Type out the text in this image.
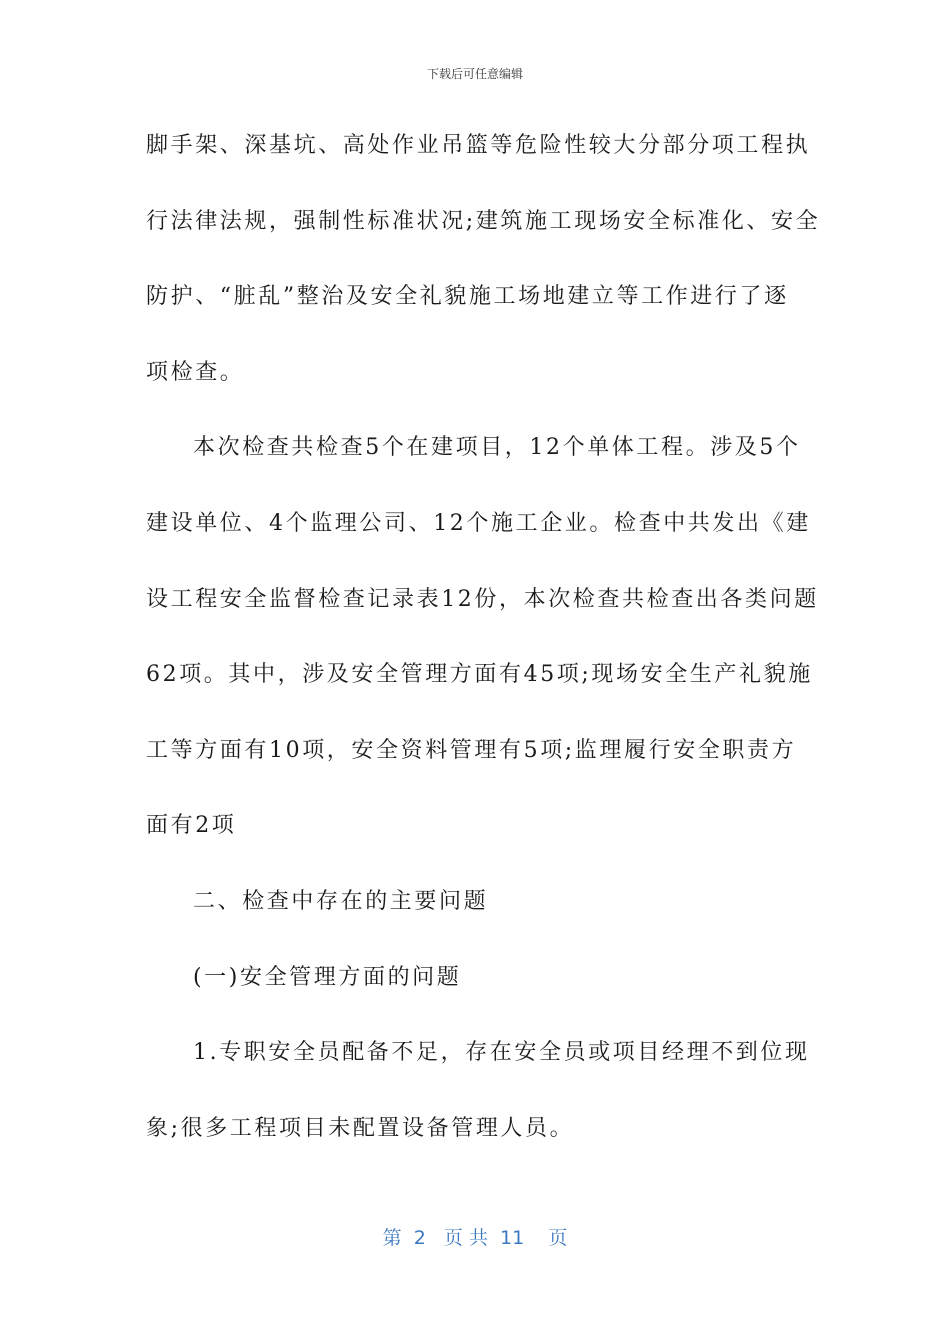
下载后可任意编辑
脚手架、深基坑、高处作业吊篮等危险性较大分部分项工程执
行法律法规，强制性标准状况;建筑施工现场安全标准化、安全
防护、“脏乱”整治及安全礼貌施工场地建立等工作进行了逐
项检查。
本次检查共检查5个在建项目，12个单体工程。涉及5个
建设单位、4个监理公司、12个施工企业。检查中共发出《建
设工程安全监督检查记录表12份，本次检查共检查出各类问题
62项。其中，涉及安全管理方面有45项;现场安全生产礼貌施
工等方面有10项，安全资料管理有5项;监理履行安全职责方
面有2项
二、检查中存在的主要问题
(一)安全管理方面的问题
1.专职安全员配备不足，存在安全员或项目经理不到位现
象;很多工程项目未配置设备管理人员。
第  2   页 共  11    页
